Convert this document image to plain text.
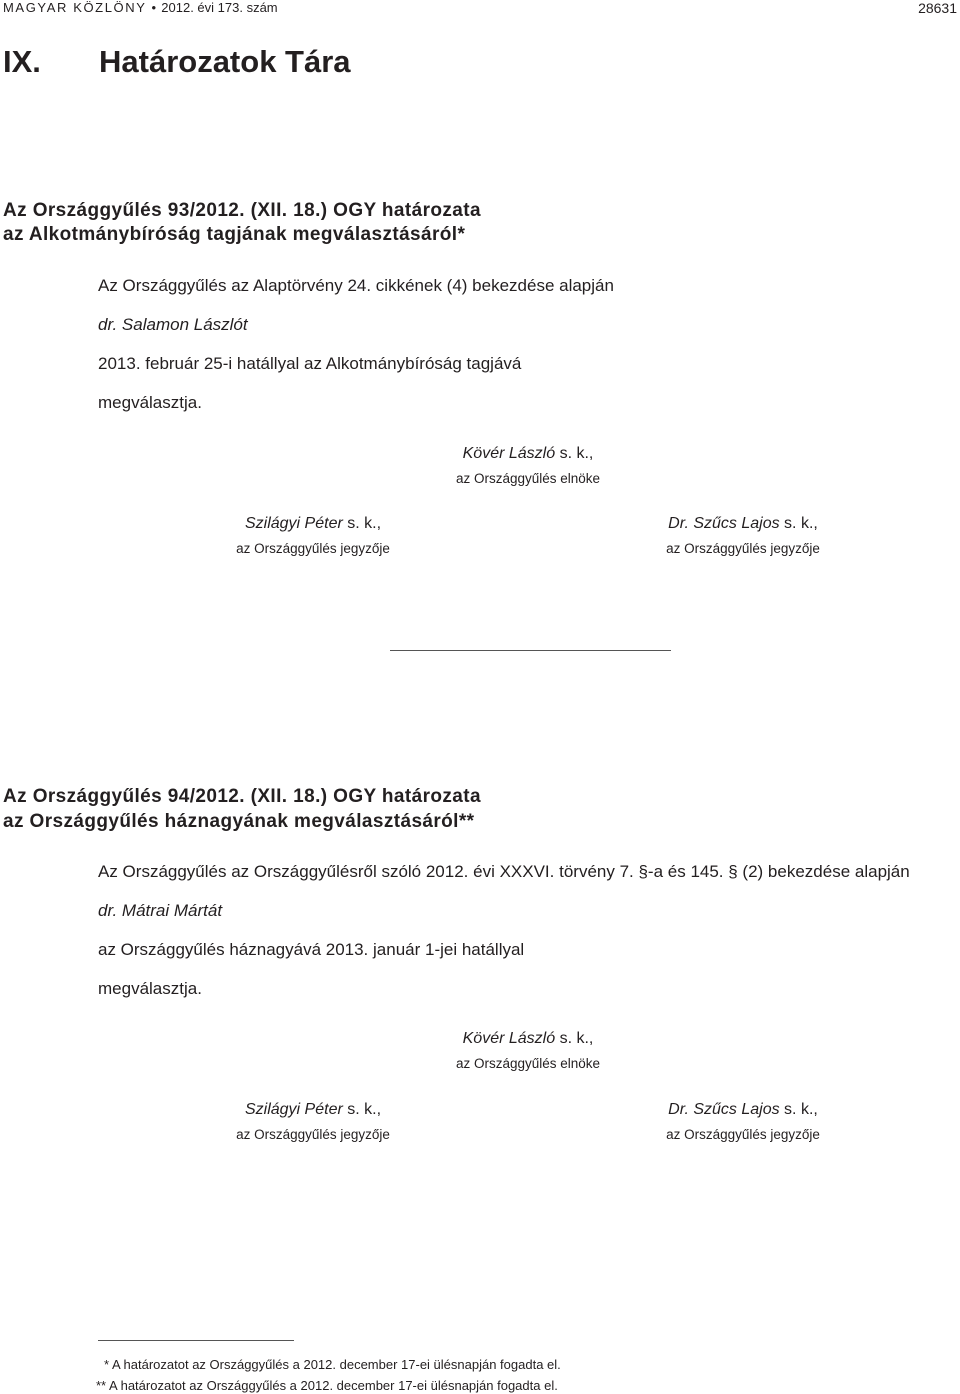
MAGYAR KÖZLÖNY • 2012. évi 173. szám	28631
IX. Határozatok Tára
Az Országgyűlés 93/2012. (XII. 18.) OGY határozata
az Alkotmánybíróság tagjának megválasztásáról*
Az Országgyűlés az Alaptörvény 24. cikkének (4) bekezdése alapján
dr. Salamon Lászlót
2013. február 25-i hatállyal az Alkotmánybíróság tagjává
megválasztja.
Kövér László s. k.,
az Országgyűlés elnöke
Szilágyi Péter s. k.,
az Országgyűlés jegyzője
Dr. Szűcs Lajos s. k.,
az Országgyűlés jegyzője
Az Országgyűlés 94/2012. (XII. 18.) OGY határozata
az Országgyűlés háznagyának megválasztásáról**
Az Országgyűlés az Országgyűlésről szóló 2012. évi XXXVI. törvény 7. §-a és 145. § (2) bekezdése alapján
dr. Mátrai Mártát
az Országgyűlés háznagyává 2013. január 1-jei hatállyal
megválasztja.
Kövér László s. k.,
az Országgyűlés elnöke
Szilágyi Péter s. k.,
az Országgyűlés jegyzője
Dr. Szűcs Lajos s. k.,
az Országgyűlés jegyzője
* A határozatot az Országgyűlés a 2012. december 17-ei ülésnapján fogadta el.
** A határozatot az Országgyűlés a 2012. december 17-ei ülésnapján fogadta el.
